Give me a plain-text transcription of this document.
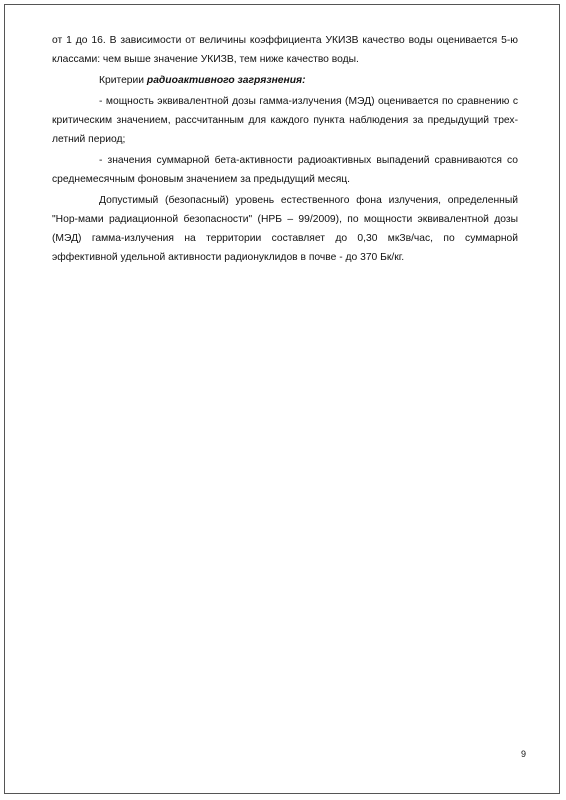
от 1 до 16. В зависимости от величины коэффициента УКИЗВ качество воды оценивается 5-ю классами: чем выше значение УКИЗВ, тем ниже качество воды.

Критерии радиоактивного загрязнения:

- мощность эквивалентной дозы гамма-излучения (МЭД) оценивается по сравнению с критическим значением, рассчитанным для каждого пункта наблюдения за предыдущий трех-летний период;

- значения суммарной бета-активности радиоактивных выпадений сравниваются со среднемесячным фоновым значением за предыдущий месяц.

Допустимый (безопасный) уровень естественного фона излучения, определенный "Нор-мами радиационной безопасности" (НРБ – 99/2009), по мощности эквивалентной дозы (МЭД) гамма-излучения на территории составляет до 0,30 мкЗв/час, по суммарной эффективной удельной активности радионуклидов в почве - до 370 Бк/кг.

9
